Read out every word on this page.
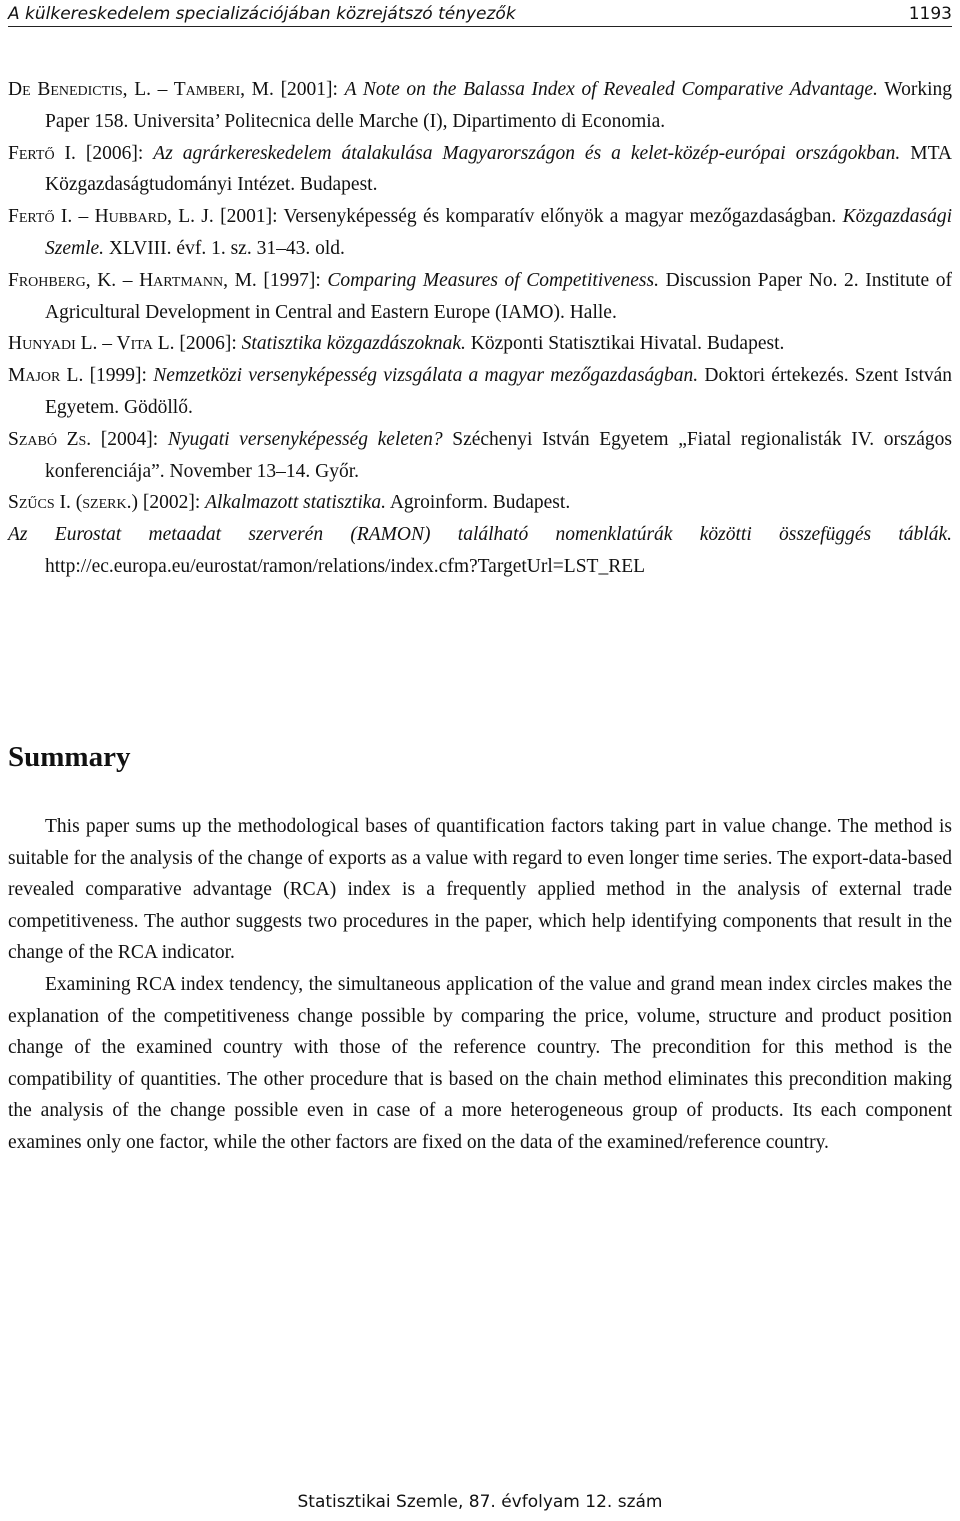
A külkereskedelem specializációjában közrejátszó tényezők	1193

De Benedictis, L. – Tamberi, M. [2001]: A Note on the Balassa Index of Revealed Comparative Advantage. Working Paper 158. Universita’ Politecnica delle Marche (I), Dipartimento di Economia.

Fertő I. [2006]: Az agrárkereskedelem átalakulása Magyarországon és a kelet-közép-európai országokban. MTA Közgazdaságtudományi Intézet. Budapest.

Fertő I. – Hubbard, L. J. [2001]: Versenyképesség és komparatív előnyök a magyar mezőgazdaságban. Közgazdasági Szemle. XLVIII. évf. 1. sz. 31–43. old.

Frohberg, K. – Hartmann, M. [1997]: Comparing Measures of Competitiveness. Discussion Paper No. 2. Institute of Agricultural Development in Central and Eastern Europe (IAMO). Halle.

Hunyadi L. – Vita L. [2006]: Statisztika közgazdászoknak. Központi Statisztikai Hivatal. Budapest.

Major L. [1999]: Nemzetközi versenyképesség vizsgálata a magyar mezőgazdaságban. Doktori értekezés. Szent István Egyetem. Gödöllő.

Szabó Zs. [2004]: Nyugati versenyképesség keleten? Széchenyi István Egyetem „Fiatal regionalisták IV. országos konferenciája”. November 13–14. Győr.

Szűcs I. (szerk.) [2002]: Alkalmazott statisztika. Agroinform. Budapest.

Az Eurostat metaadat szerverén (RAMON) található nomenklatúrák közötti összefüggés táblák. http://ec.europa.eu/eurostat/ramon/relations/index.cfm?TargetUrl=LST_REL

Summary

This paper sums up the methodological bases of quantification factors taking part in value change. The method is suitable for the analysis of the change of exports as a value with regard to even longer time series. The export-data-based revealed comparative advantage (RCA) index is a frequently applied method in the analysis of external trade competitiveness. The author suggests two procedures in the paper, which help identifying components that result in the change of the RCA indicator.

Examining RCA index tendency, the simultaneous application of the value and grand mean index circles makes the explanation of the competitiveness change possible by comparing the price, volume, structure and product position change of the examined country with those of the reference country. The precondition for this method is the compatibility of quantities. The other procedure that is based on the chain method eliminates this precondition making the analysis of the change possible even in case of a more heterogeneous group of products. Its each component examines only one factor, while the other factors are fixed on the data of the examined/reference country.

Statisztikai Szemle, 87. évfolyam 12. szám
